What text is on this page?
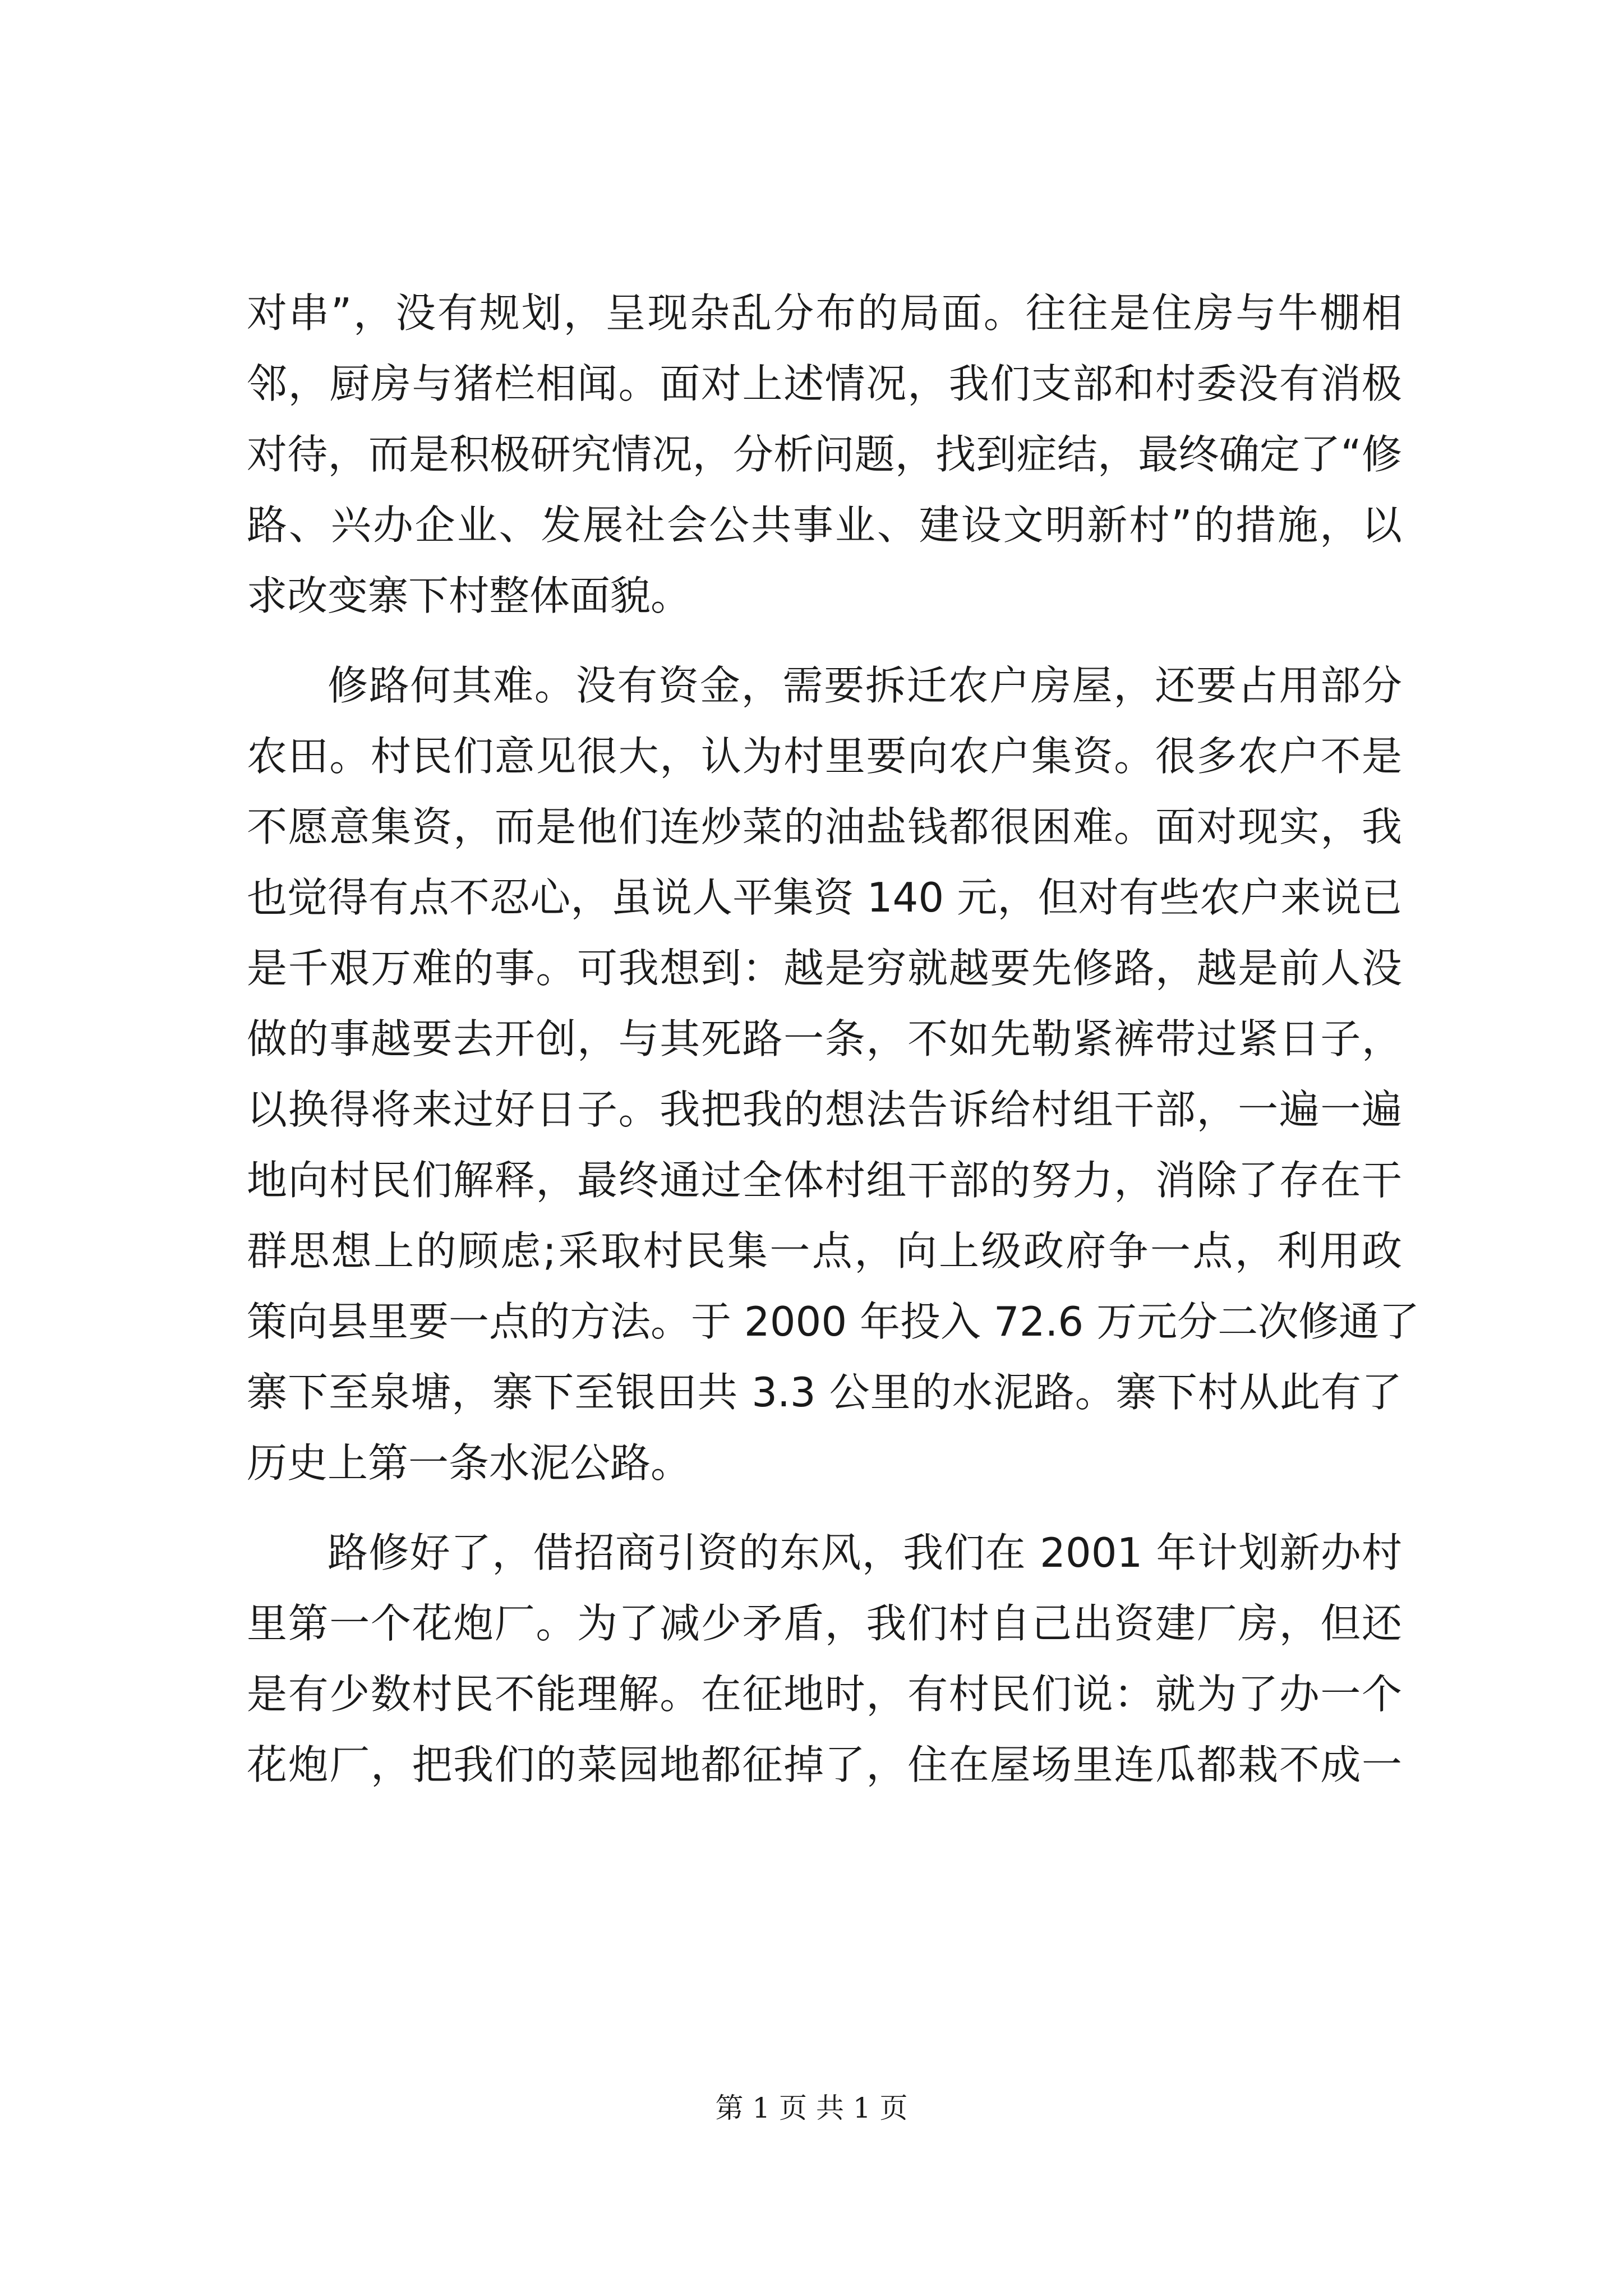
对串”，没有规划，呈现杂乱分布的局面。往往是住房与牛棚相
邻，厨房与猪栏相闻。面对上述情况，我们支部和村委没有消极
对待，而是积极研究情况，分析问题，找到症结，最终确定了“修
路、兴办企业、发展社会公共事业、建设文明新村”的措施，以
求改变寨下村整体面貌。
修路何其难。没有资金，需要拆迁农户房屋，还要占用部分
农田。村民们意见很大，认为村里要向农户集资。很多农户不是
不愿意集资，而是他们连炒菜的油盐钱都很困难。面对现实，我
也觉得有点不忍心，虽说人平集资 140 元，但对有些农户来说已
是千艰万难的事。可我想到：越是穷就越要先修路，越是前人没
做的事越要去开创，与其死路一条，不如先勒紧裤带过紧日子，
以换得将来过好日子。我把我的想法告诉给村组干部，一遍一遍
地向村民们解释，最终通过全体村组干部的努力，消除了存在干
群思想上的顾虑;采取村民集一点，向上级政府争一点，利用政
策向县里要一点的方法。于 2000 年投入 72.6 万元分二次修通了
寨下至泉塘，寨下至银田共 3.3 公里的水泥路。寨下村从此有了
历史上第一条水泥公路。
路修好了，借招商引资的东风，我们在 2001 年计划新办村
里第一个花炮厂。为了减少矛盾，我们村自己出资建厂房，但还
是有少数村民不能理解。在征地时，有村民们说：就为了办一个
花炮厂，把我们的菜园地都征掉了，住在屋场里连瓜都栽不成一
第 1 页 共 1 页
